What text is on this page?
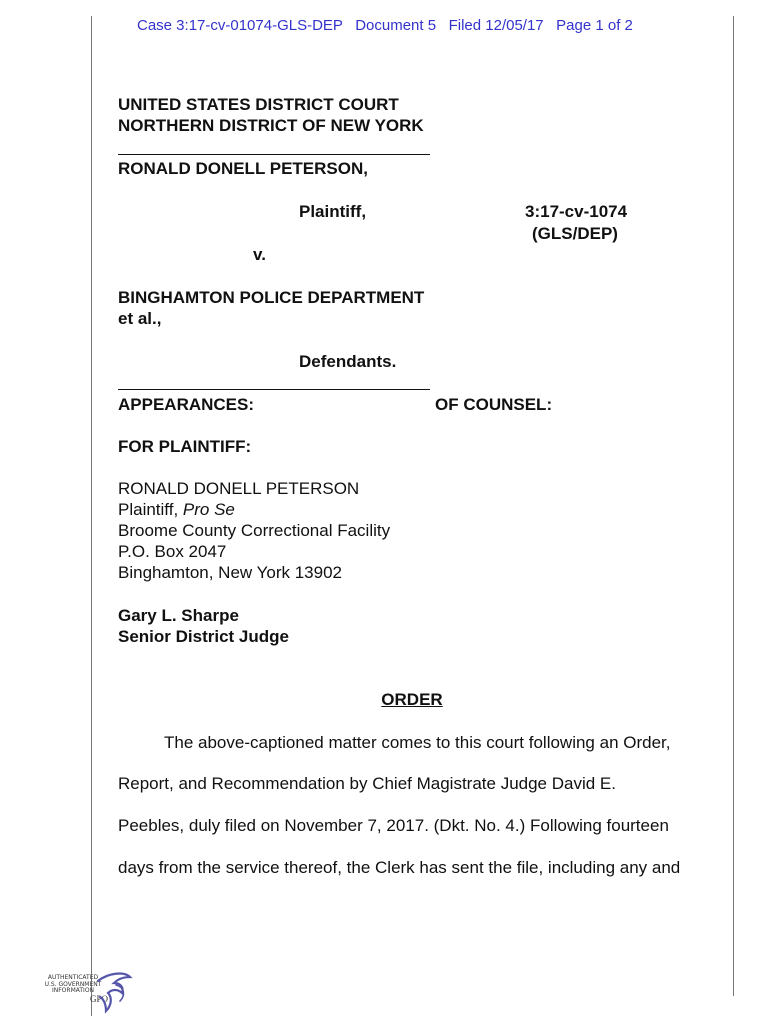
Case 3:17-cv-01074-GLS-DEP Document 5 Filed 12/05/17 Page 1 of 2
UNITED STATES DISTRICT COURT
NORTHERN DISTRICT OF NEW YORK
RONALD DONELL PETERSON,
Plaintiff,	3:17-cv-1074
(GLS/DEP)
v.
BINGHAMTON POLICE DEPARTMENT
et al.,
Defendants.
APPEARANCES:	OF COUNSEL:
FOR PLAINTIFF:
RONALD DONELL PETERSON
Plaintiff, Pro Se
Broome County Correctional Facility
P.O. Box 2047
Binghamton, New York 13902
Gary L. Sharpe
Senior District Judge
ORDER
The above-captioned matter comes to this court following an Order,
Report, and Recommendation by Chief Magistrate Judge David E.
Peebles, duly filed on November 7, 2017. (Dkt. No. 4.) Following fourteen
days from the service thereof, the Clerk has sent the file, including any and
AUTHENTICATED
U.S. GOVERNMENT
INFORMATION
GPO
